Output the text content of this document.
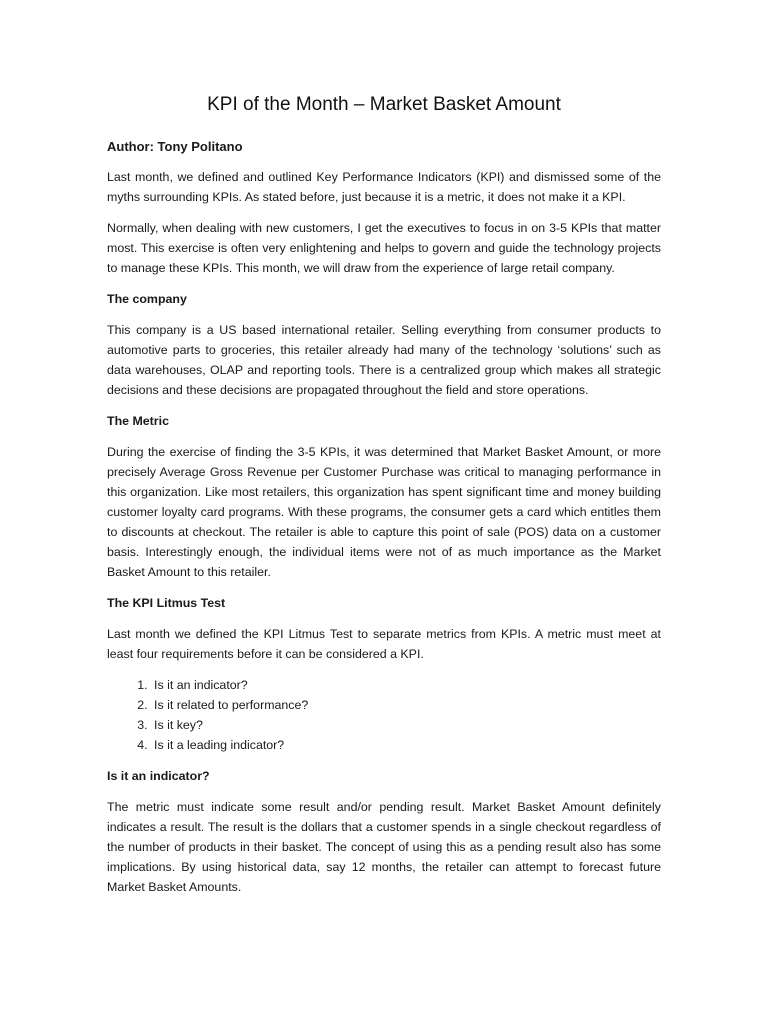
KPI of the Month – Market Basket Amount
Author: Tony Politano

Last month, we defined and outlined Key Performance Indicators (KPI) and dismissed some of the myths surrounding KPIs. As stated before, just because it is a metric, it does not make it a KPI.

Normally, when dealing with new customers, I get the executives to focus in on 3-5 KPIs that matter most. This exercise is often very enlightening and helps to govern and guide the technology projects to manage these KPIs. This month, we will draw from the experience of large retail company.

The company

This company is a US based international retailer. Selling everything from consumer products to automotive parts to groceries, this retailer already had many of the technology ‘solutions’ such as data warehouses, OLAP and reporting tools. There is a centralized group which makes all strategic decisions and these decisions are propagated throughout the field and store operations.

The Metric

During the exercise of finding the 3-5 KPIs, it was determined that Market Basket Amount, or more precisely Average Gross Revenue per Customer Purchase was critical to managing performance in this organization. Like most retailers, this organization has spent significant time and money building customer loyalty card programs. With these programs, the consumer gets a card which entitles them to discounts at checkout. The retailer is able to capture this point of sale (POS) data on a customer basis. Interestingly enough, the individual items were not of as much importance as the Market Basket Amount to this retailer.

The KPI Litmus Test

Last month we defined the KPI Litmus Test to separate metrics from KPIs. A metric must meet at least four requirements before it can be considered a KPI.

1. Is it an indicator?
2. Is it related to performance?
3. Is it key?
4. Is it a leading indicator?
Is it an indicator?

The metric must indicate some result and/or pending result. Market Basket Amount definitely indicates a result. The result is the dollars that a customer spends in a single checkout regardless of the number of products in their basket. The concept of using this as a pending result also has some implications. By using historical data, say 12 months, the retailer can attempt to forecast future Market Basket Amounts.
